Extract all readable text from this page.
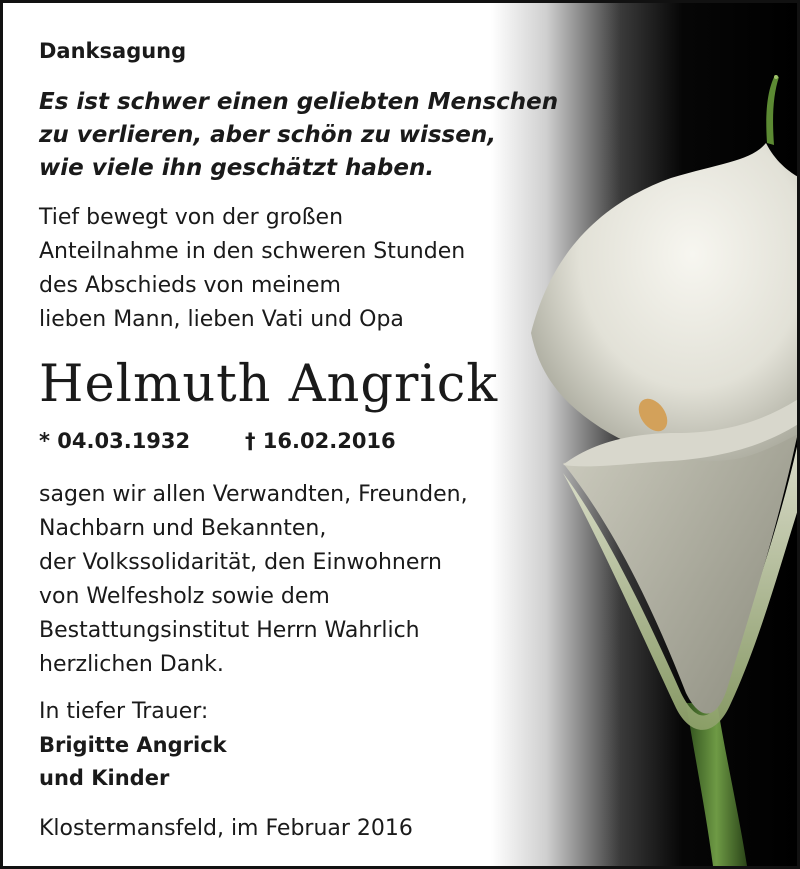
Danksagung
Es ist schwer einen geliebten Menschen
zu verlieren, aber schön zu wissen,
wie viele ihn geschätzt haben.
Tief bewegt von der großen
Anteilnahme in den schweren Stunden
des Abschieds von meinem
lieben Mann, lieben Vati und Opa
Helmuth Angrick
* 04.03.1932	† 16.02.2016
sagen wir allen Verwandten, Freunden,
Nachbarn und Bekannten,
der Volkssolidarität, den Einwohnern
von Welfesholz sowie dem
Bestattungsinstitut Herrn Wahrlich
herzlichen Dank.
In tiefer Trauer:
Brigitte Angrick
und Kinder
Klostermansfeld, im Februar 2016
